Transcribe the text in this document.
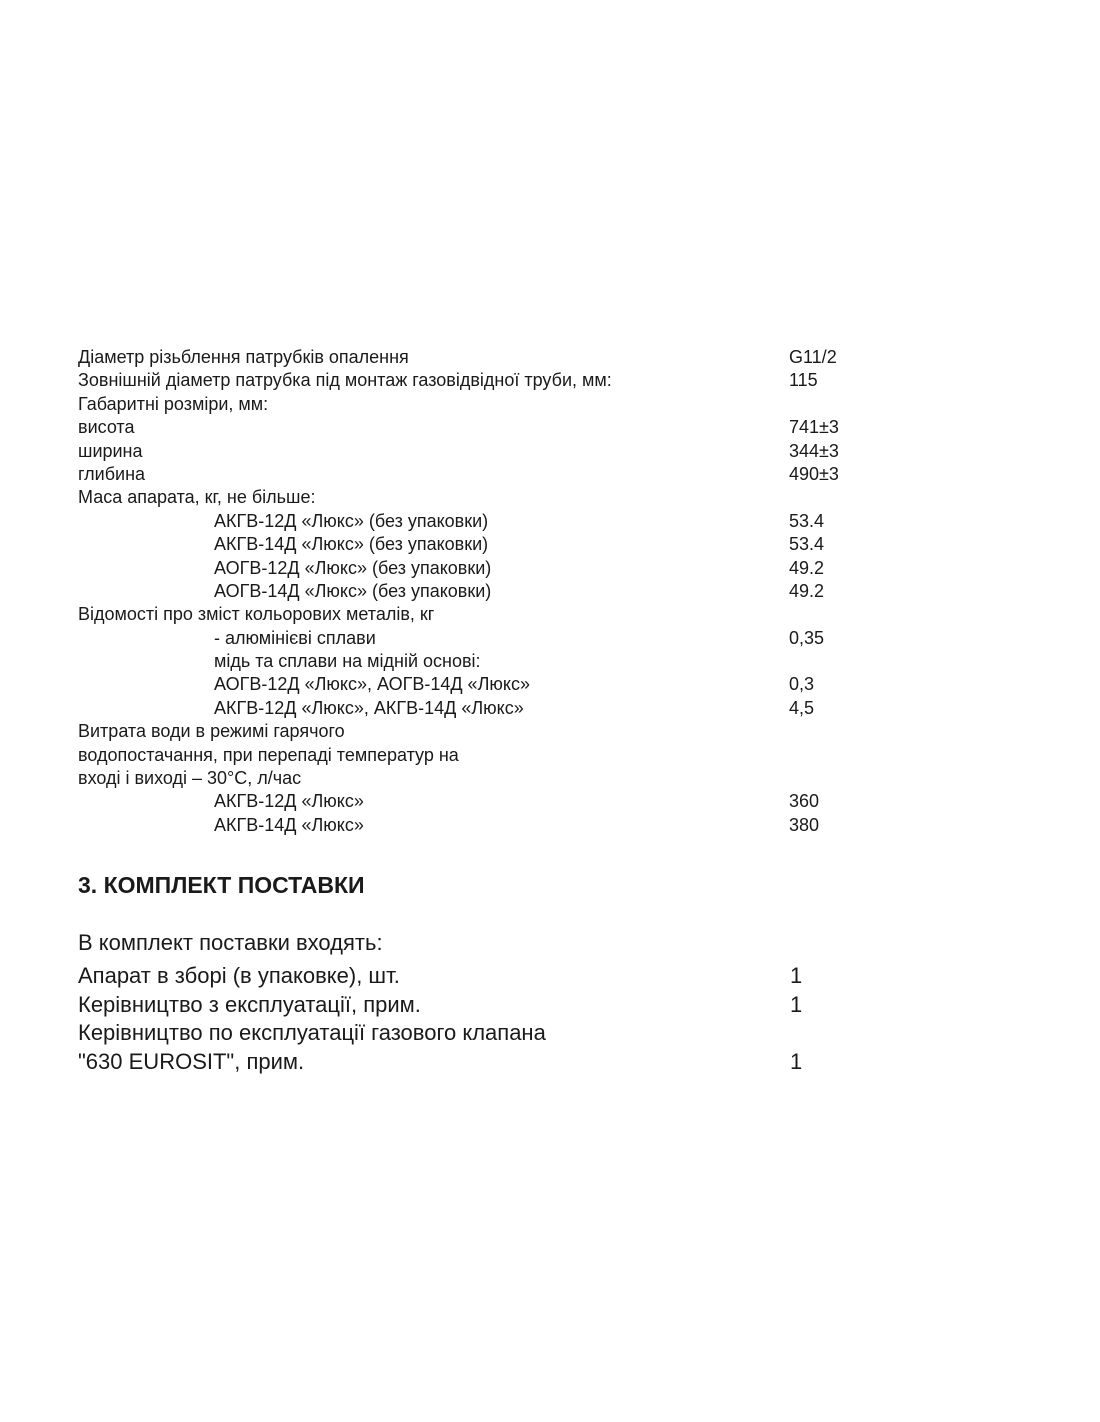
Діаметр різьблення патрубків опалення	G11/2
Зовнішній діаметр патрубка під монтаж газовідвідної труби, мм:	115
Габаритні розміри, мм:
висота	741±3
ширина	344±3
глибина	490±3
Маса апарата, кг, не більше:
АКГВ-12Д «Люкс» (без упаковки)	53.4
АКГВ-14Д «Люкс» (без упаковки)	53.4
АОГВ-12Д «Люкс» (без упаковки)	49.2
АОГВ-14Д «Люкс» (без упаковки)	49.2
Відомості про зміст кольорових металів, кг
- алюмінієві сплави	0,35
мідь та сплави на мідній основі:
АОГВ-12Д «Люкс», АОГВ-14Д «Люкс»	0,3
АКГВ-12Д «Люкс», АКГВ-14Д «Люкс»	4,5
Витрата води в режимі гарячого
водопостачання, при перепаді температур на
вході і виході – 30°С, л/час
АКГВ-12Д «Люкс»	360
АКГВ-14Д «Люкс»	380
3. КОМПЛЕКТ ПОСТАВКИ
В комплект поставки входять:
Апарат в зборі (в упаковке), шт.	1
Керівництво з експлуатації, прим.	1
Керівництво по експлуатації газового клапана
"630 EUROSIT", прим.	1
